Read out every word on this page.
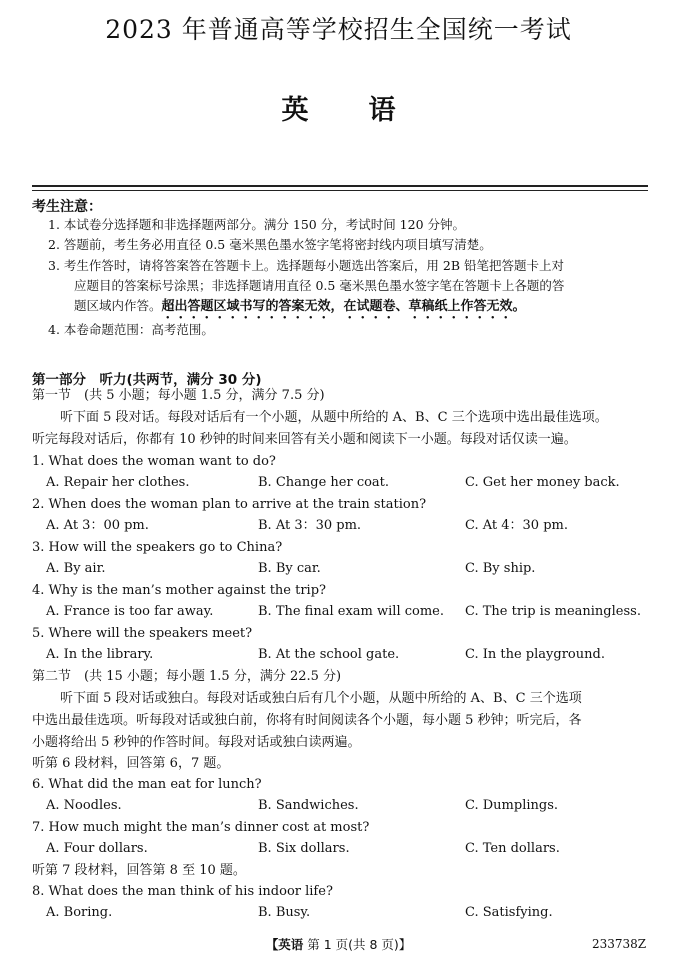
2023 年普通高等学校招生全国统一考试
英语
考生注意：
1. 本试卷分选择题和非选择题两部分。满分 150 分，考试时间 120 分钟。
2. 答题前，考生务必用直径 0.5 毫米黑色墨水签字笔将密封线内项目填写清楚。
3. 考生作答时，请将答案答在答题卡上。选择题每小题选出答案后，用 2B 铅笔把答题卡上对
应题目的答案标号涂黑；非选择题请用直径 0.5 毫米黑色墨水签字笔在答题卡上各题的答
题区域内作答。超出答题区域书写的答案无效，在试题卷、草稿纸上作答无效。
4. 本卷命题范围：高考范围。
第一部分　听力(共两节，满分 30 分)
第一节　(共 5 小题；每小题 1.5 分，满分 7.5 分)
听下面 5 段对话。每段对话后有一个小题，从题中所给的 A、B、C 三个选项中选出最佳选项。
听完每段对话后，你都有 10 秒钟的时间来回答有关小题和阅读下一小题。每段对话仅读一遍。
1. What does the woman want to do?
A. Repair her clothes.	B. Change her coat.	C. Get her money back.
2. When does the woman plan to arrive at the train station?
A. At 3：00 pm.	B. At 3：30 pm.	C. At 4：30 pm.
3. How will the speakers go to China?
A. By air.	B. By car.	C. By ship.
4. Why is the man’s mother against the trip?
A. France is too far away.	B. The final exam will come. C. The trip is meaningless.
5. Where will the speakers meet?
A. In the library.	B. At the school gate.	C. In the playground.
第二节　(共 15 小题；每小题 1.5 分，满分 22.5 分)
听下面 5 段对话或独白。每段对话或独白后有几个小题，从题中所给的 A、B、C 三个选项
中选出最佳选项。听每段对话或独白前，你将有时间阅读各个小题，每小题 5 秒钟；听完后，各
小题将给出 5 秒钟的作答时间。每段对话或独白读两遍。
听第 6 段材料，回答第 6，7 题。
6. What did the man eat for lunch?
A. Noodles.	B. Sandwiches.	C. Dumplings.
7. How much might the man’s dinner cost at most?
A. Four dollars.	B. Six dollars.	C. Ten dollars.
听第 7 段材料，回答第 8 至 10 题。
8. What does the man think of his indoor life?
A. Boring.	B. Busy.	C. Satisfying.
【英语 第 1 页(共 8 页)】	233738Z
